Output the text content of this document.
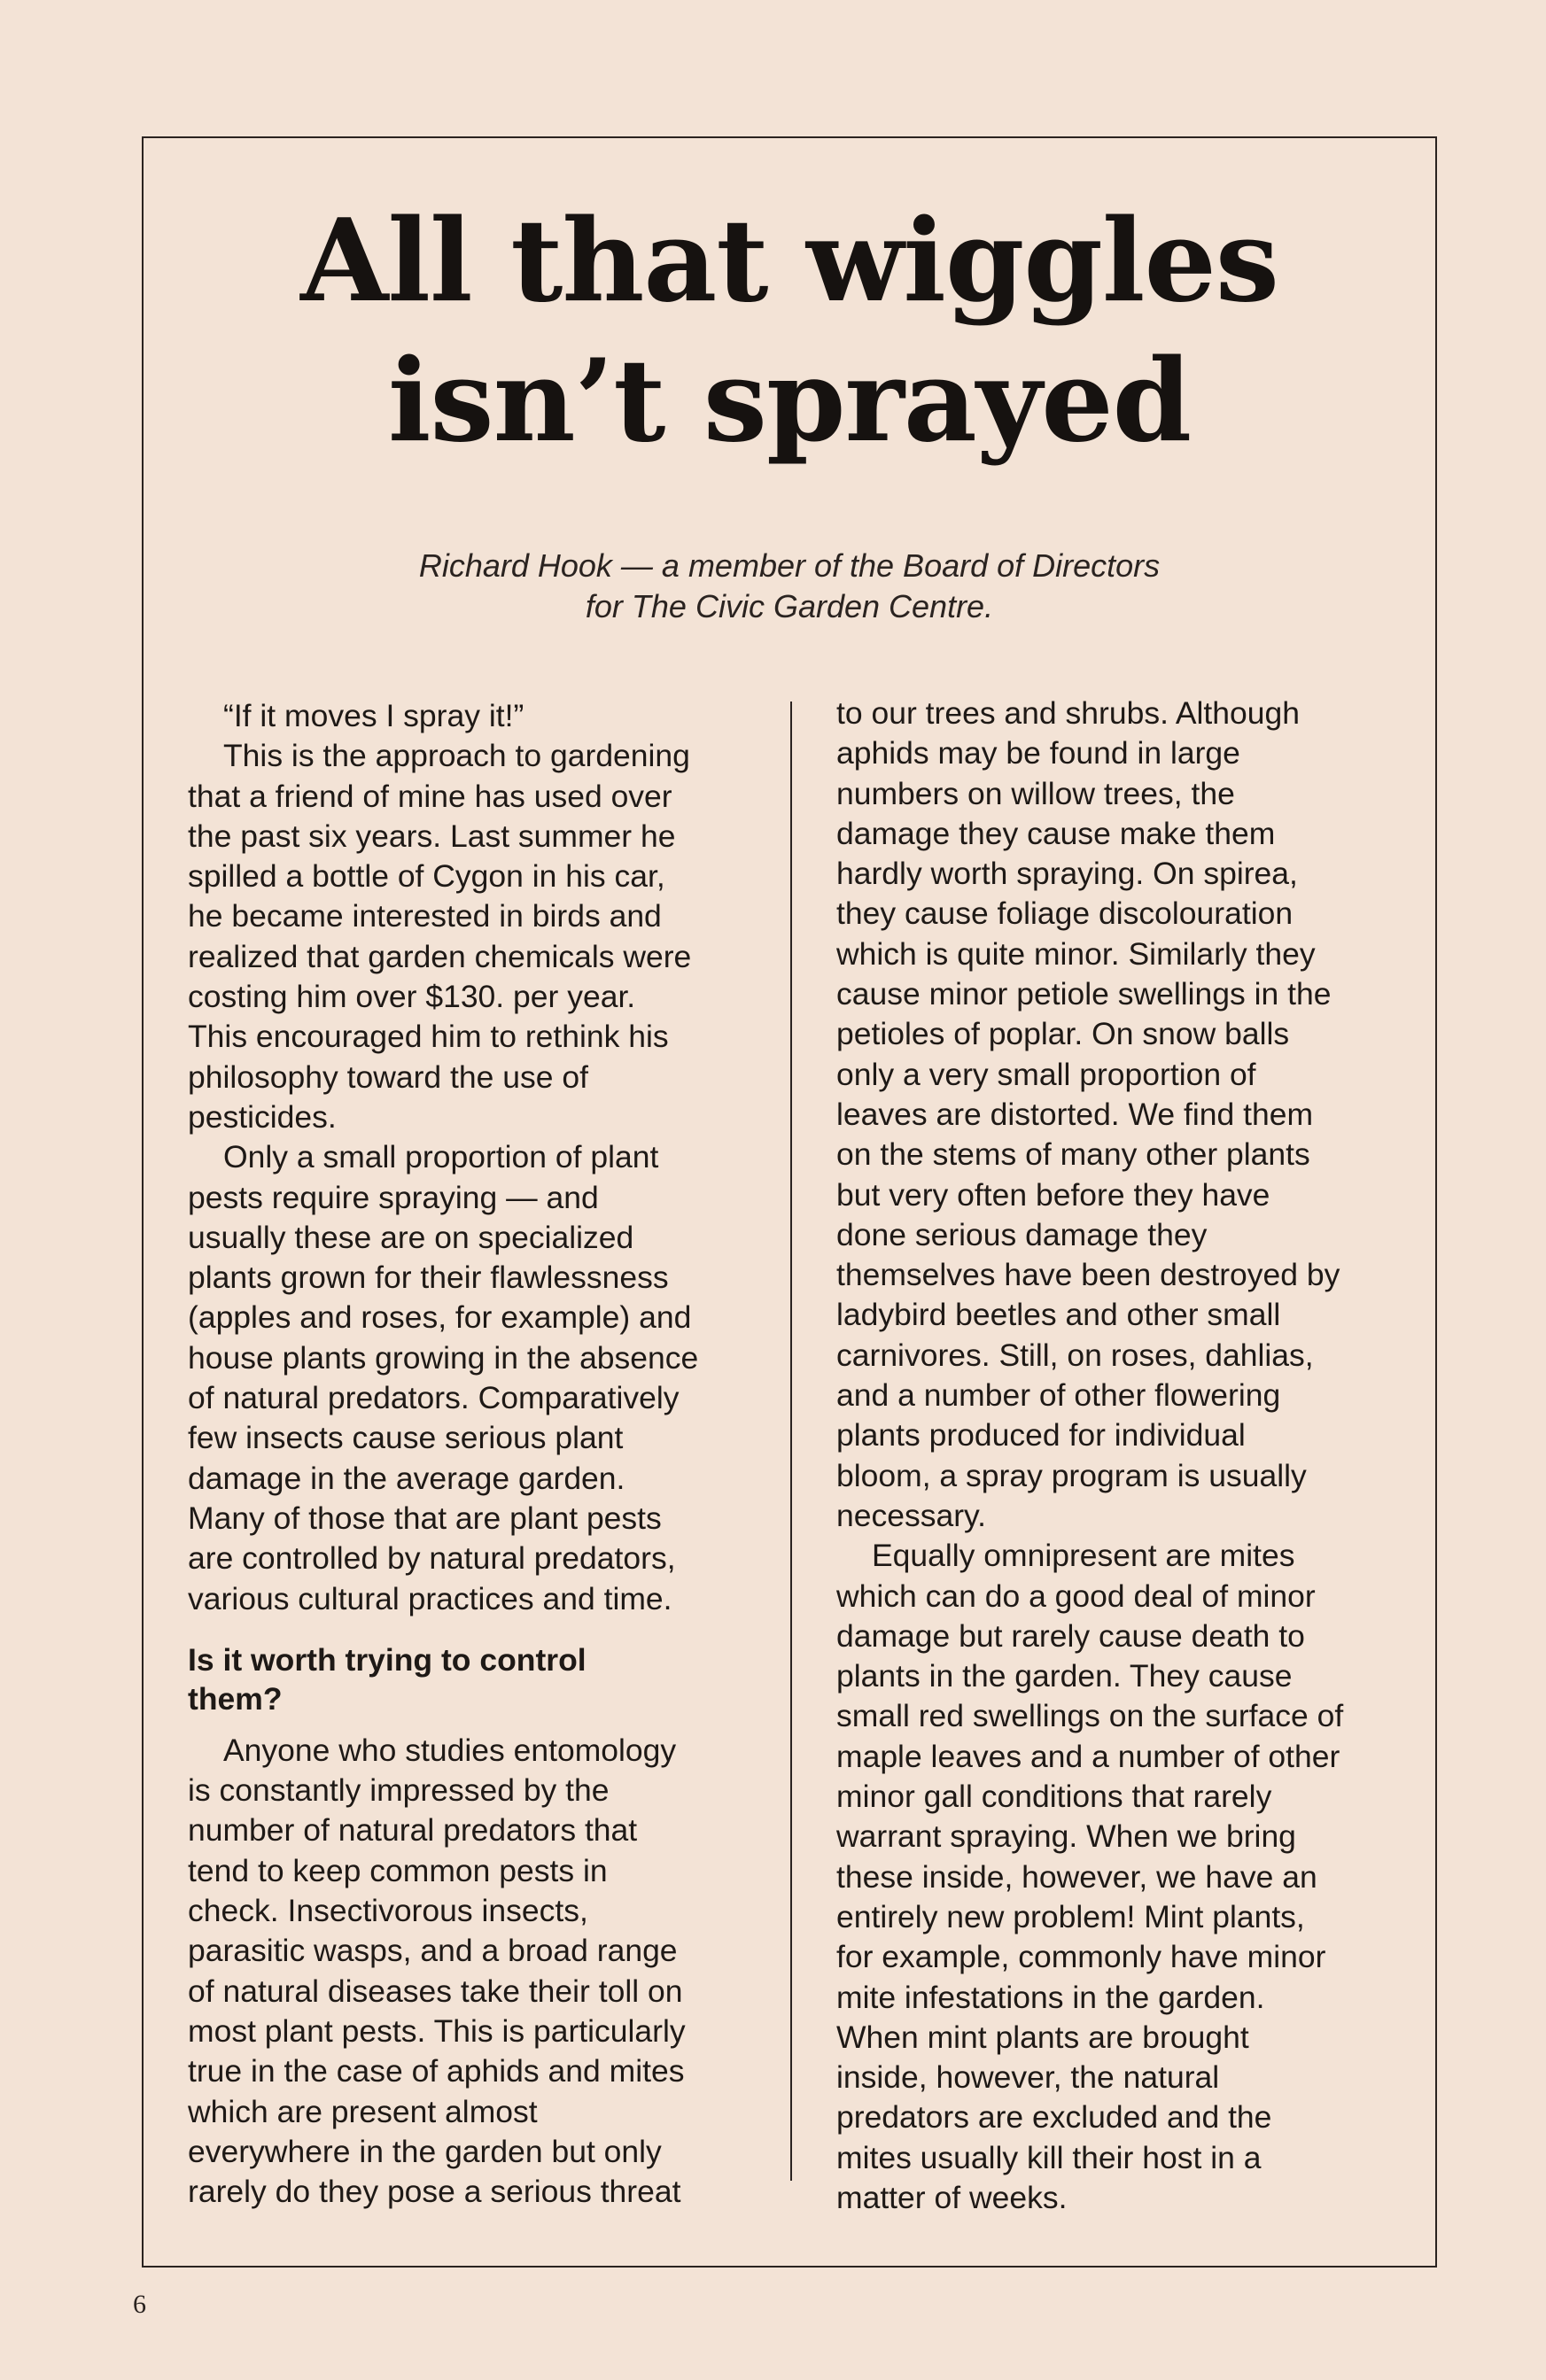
All that wiggles
isn’t sprayed
Richard Hook — a member of the Board of Directors
for The Civic Garden Centre.
“If it moves I spray it!”
This is the approach to gardening
that a friend of mine has used over
the past six years. Last summer he
spilled a bottle of Cygon in his car,
he became interested in birds and
realized that garden chemicals were
costing him over $130. per year.
This encouraged him to rethink his
philosophy toward the use of
pesticides.
Only a small proportion of plant
pests require spraying — and
usually these are on specialized
plants grown for their flawlessness
(apples and roses, for example) and
house plants growing in the absence
of natural predators. Comparatively
few insects cause serious plant
damage in the average garden.
Many of those that are plant pests
are controlled by natural predators,
various cultural practices and time.
Is it worth trying to control
them?
Anyone who studies entomology
is constantly impressed by the
number of natural predators that
tend to keep common pests in
check. Insectivorous insects,
parasitic wasps, and a broad range
of natural diseases take their toll on
most plant pests. This is particularly
true in the case of aphids and mites
which are present almost
everywhere in the garden but only
rarely do they pose a serious threat
to our trees and shrubs. Although
aphids may be found in large
numbers on willow trees, the
damage they cause make them
hardly worth spraying. On spirea,
they cause foliage discolouration
which is quite minor. Similarly they
cause minor petiole swellings in the
petioles of poplar. On snow balls
only a very small proportion of
leaves are distorted. We find them
on the stems of many other plants
but very often before they have
done serious damage they
themselves have been destroyed by
ladybird beetles and other small
carnivores. Still, on roses, dahlias,
and a number of other flowering
plants produced for individual
bloom, a spray program is usually
necessary.
Equally omnipresent are mites
which can do a good deal of minor
damage but rarely cause death to
plants in the garden. They cause
small red swellings on the surface of
maple leaves and a number of other
minor gall conditions that rarely
warrant spraying. When we bring
these inside, however, we have an
entirely new problem! Mint plants,
for example, commonly have minor
mite infestations in the garden.
When mint plants are brought
inside, however, the natural
predators are excluded and the
mites usually kill their host in a
matter of weeks.
6
